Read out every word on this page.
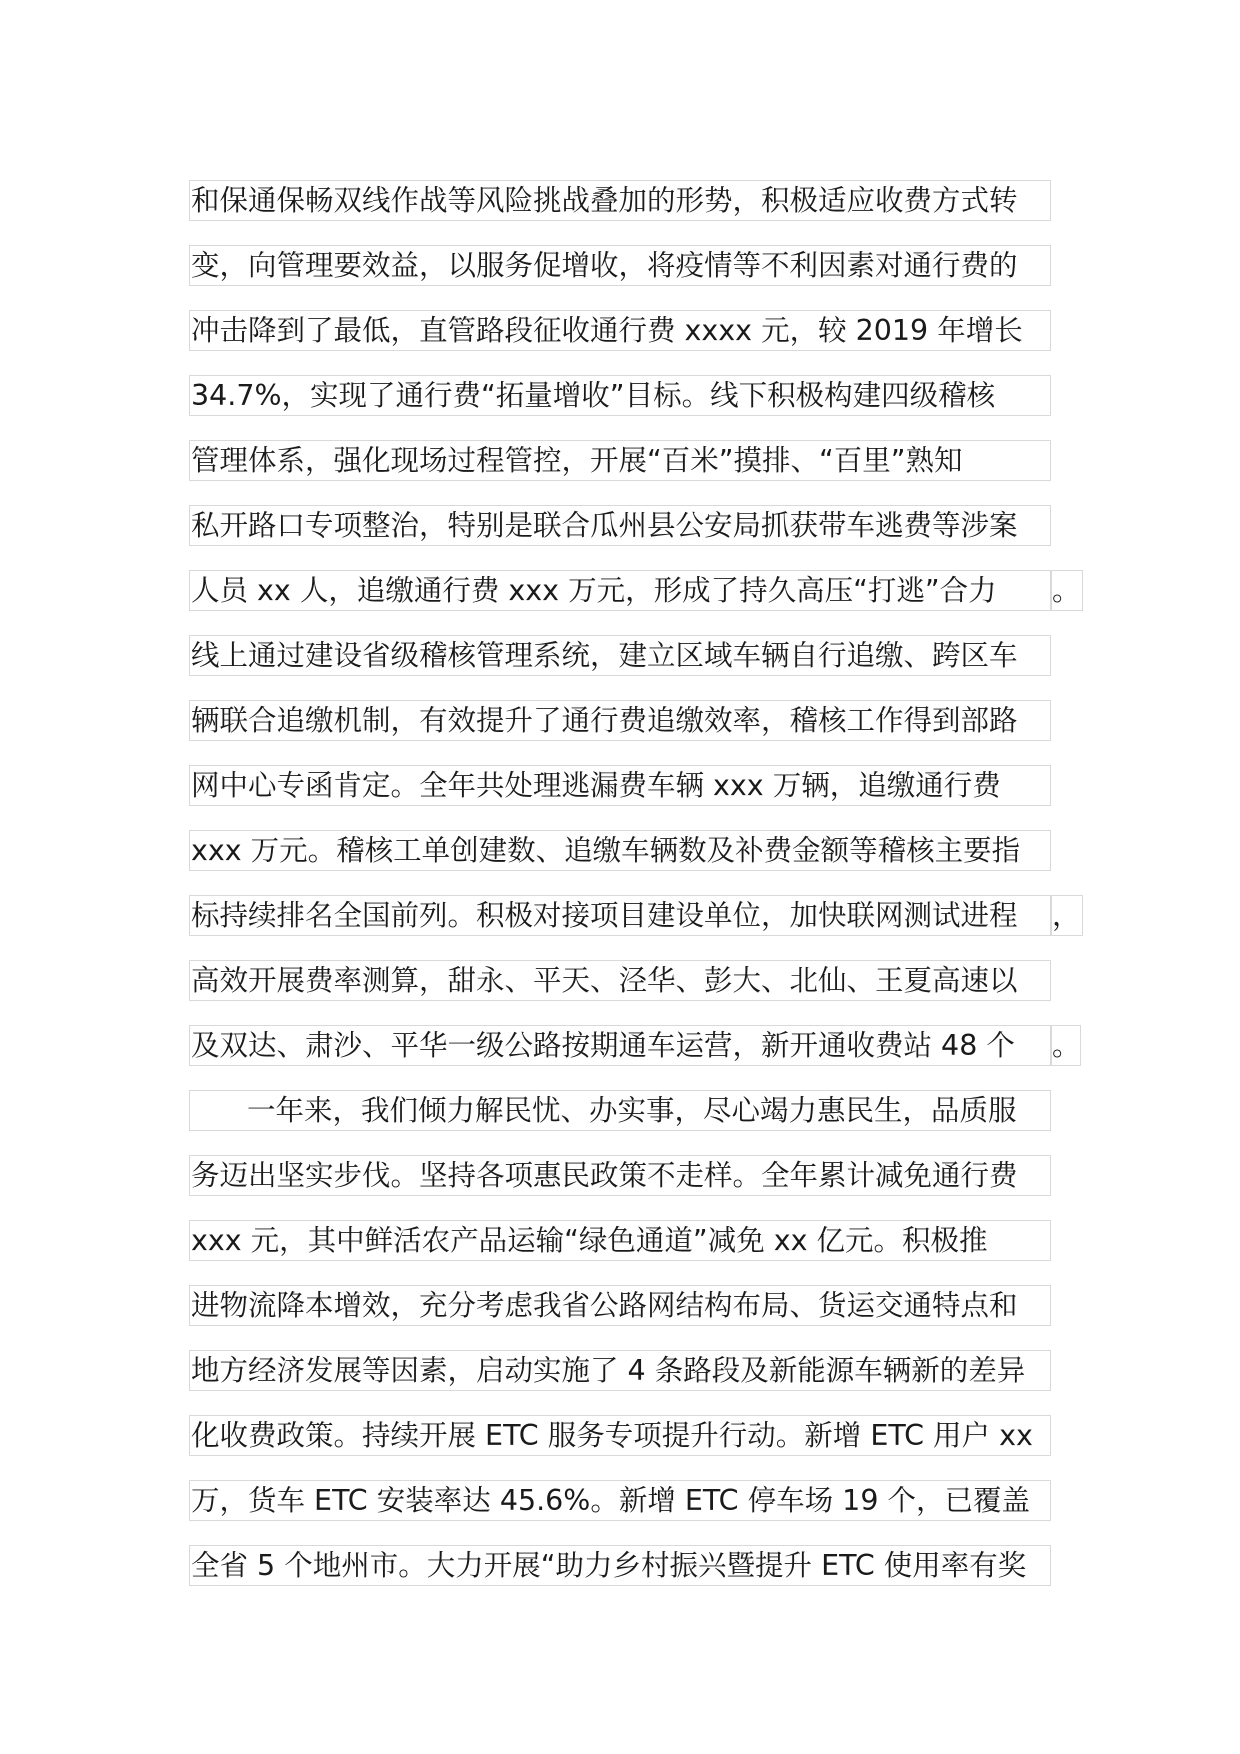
和保通保畅双线作战等风险挑战叠加的形势，积极适应收费方式转
变，向管理要效益，以服务促增收，将疫情等不利因素对通行费的
冲击降到了最低，直管路段征收通行费 xxxx 元，较 2019 年增长
34.7%，实现了通行费“拓量增收”目标。线下积极构建四级稽核
管理体系，强化现场过程管控，开展“百米”摸排、“百里”熟知
私开路口专项整治，特别是联合瓜州县公安局抓获带车逃费等涉案
人员 xx 人，追缴通行费 xxx 万元，形成了持久高压“打逃”合力 。
线上通过建设省级稽核管理系统，建立区域车辆自行追缴、跨区车
辆联合追缴机制，有效提升了通行费追缴效率，稽核工作得到部路
网中心专函肯定。全年共处理逃漏费车辆 xxx 万辆，追缴通行费
xxx 万元。稽核工单创建数、追缴车辆数及补费金额等稽核主要指
标持续排名全国前列。积极对接项目建设单位，加快联网测试进程 ，
高效开展费率测算，甜永、平天、泾华、彭大、北仙、王夏高速以
及双达、肃沙、平华一级公路按期通车运营，新开通收费站 48 个 。
一年来，我们倾力解民忧、办实事，尽心竭力惠民生，品质服
务迈出坚实步伐。坚持各项惠民政策不走样。全年累计减免通行费
xxx 元，其中鲜活农产品运输“绿色通道”减免 xx 亿元。积极推
进物流降本增效，充分考虑我省公路网结构布局、货运交通特点和
地方经济发展等因素，启动实施了 4 条路段及新能源车辆新的差异
化收费政策。持续开展 ETC 服务专项提升行动。新增 ETC 用户 xx
万，货车 ETC 安装率达 45.6%。新增 ETC 停车场 19 个，已覆盖
全省 5 个地州市。大力开展“助力乡村振兴暨提升 ETC 使用率有奖
